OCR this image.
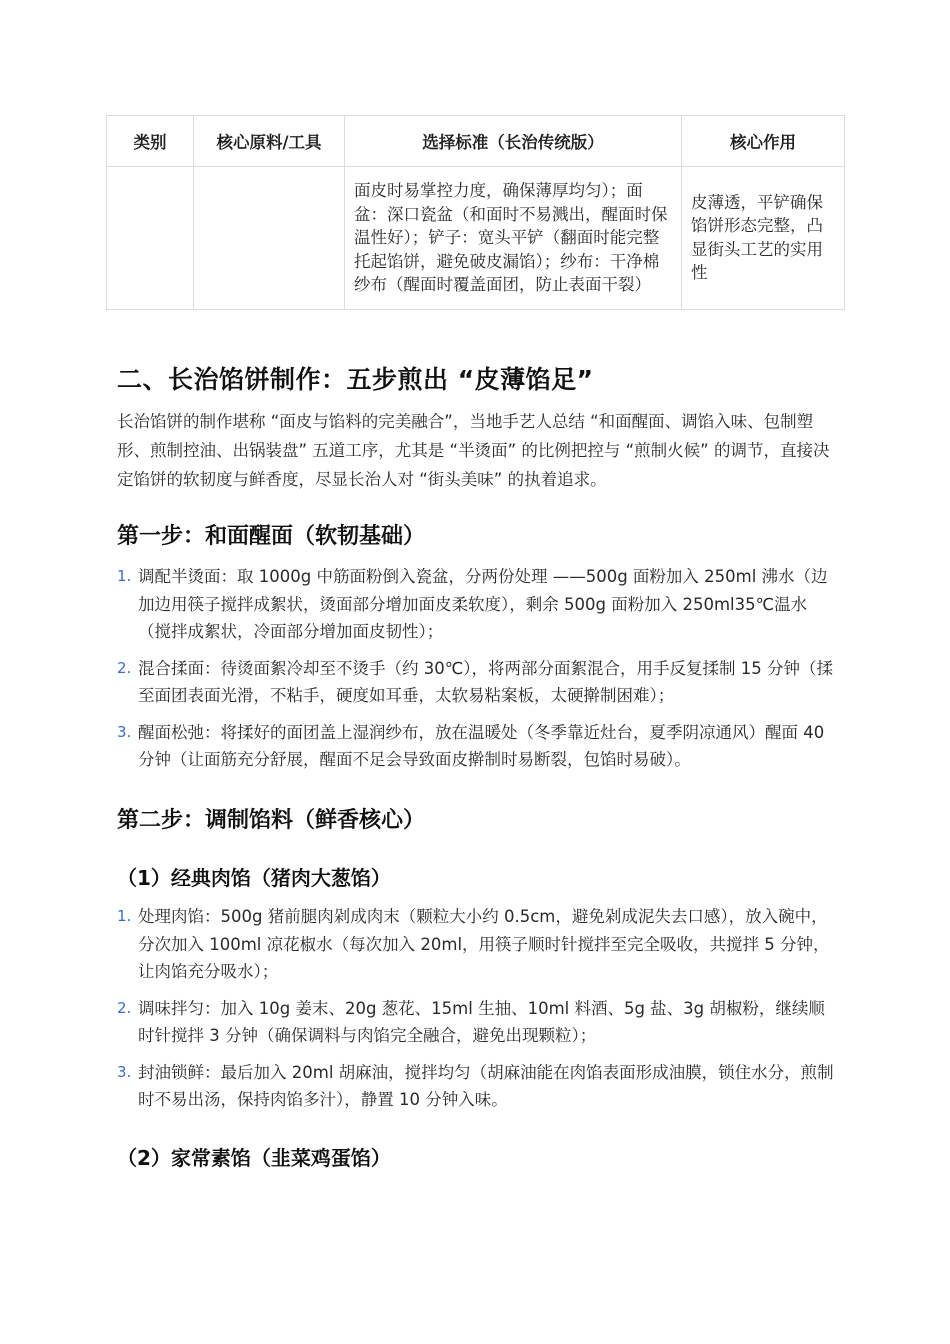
类别	核心原料/工具	选择标准（长治传统版）	核心作用
		面皮时易掌控力度，确保薄厚均匀）；面盆：深口瓷盆（和面时不易溅出，醒面时保温性好）；铲子：宽头平铲（翻面时能完整托起馅饼，避免破皮漏馅）；纱布：干净棉纱布（醒面时覆盖面团，防止表面干裂）	皮薄透，平铲确保馅饼形态完整，凸显街头工艺的实用性
二、长治馅饼制作：五步煎出 “皮薄馅足”

长治馅饼的制作堪称 “面皮与馅料的完美融合”，当地手艺人总结 “和面醒面、调馅入味、包制塑形、煎制控油、出锅装盘” 五道工序，尤其是 “半烫面” 的比例把控与 “煎制火候” 的调节，直接决定馅饼的软韧度与鲜香度，尽显长治人对 “街头美味” 的执着追求。

第一步：和面醒面（软韧基础）
1. 调配半烫面：取 1000g 中筋面粉倒入瓷盆，分两份处理 ——500g 面粉加入 250ml 沸水（边加边用筷子搅拌成絮状，烫面部分增加面皮柔软度），剩余 500g 面粉加入 250ml35℃温水（搅拌成絮状，冷面部分增加面皮韧性）；
2. 混合揉面：待烫面絮冷却至不烫手（约 30℃），将两部分面絮混合，用手反复揉制 15 分钟（揉至面团表面光滑，不粘手，硬度如耳垂，太软易粘案板，太硬擀制困难）；
3. 醒面松弛：将揉好的面团盖上湿润纱布，放在温暖处（冬季靠近灶台，夏季阴凉通风）醒面 40 分钟（让面筋充分舒展，醒面不足会导致面皮擀制时易断裂，包馅时易破）。
第二步：调制馅料（鲜香核心）
（1）经典肉馅（猪肉大葱馅）
1. 处理肉馅：500g 猪前腿肉剁成肉末（颗粒大小约 0.5cm，避免剁成泥失去口感），放入碗中，分次加入 100ml 凉花椒水（每次加入 20ml，用筷子顺时针搅拌至完全吸收，共搅拌 5 分钟，让肉馅充分吸水）；
2. 调味拌匀：加入 10g 姜末、20g 葱花、15ml 生抽、10ml 料酒、5g 盐、3g 胡椒粉，继续顺时针搅拌 3 分钟（确保调料与肉馅完全融合，避免出现颗粒）；
3. 封油锁鲜：最后加入 20ml 胡麻油，搅拌均匀（胡麻油能在肉馅表面形成油膜，锁住水分，煎制时不易出汤，保持肉馅多汁），静置 10 分钟入味。
（2）家常素馅（韭菜鸡蛋馅）
